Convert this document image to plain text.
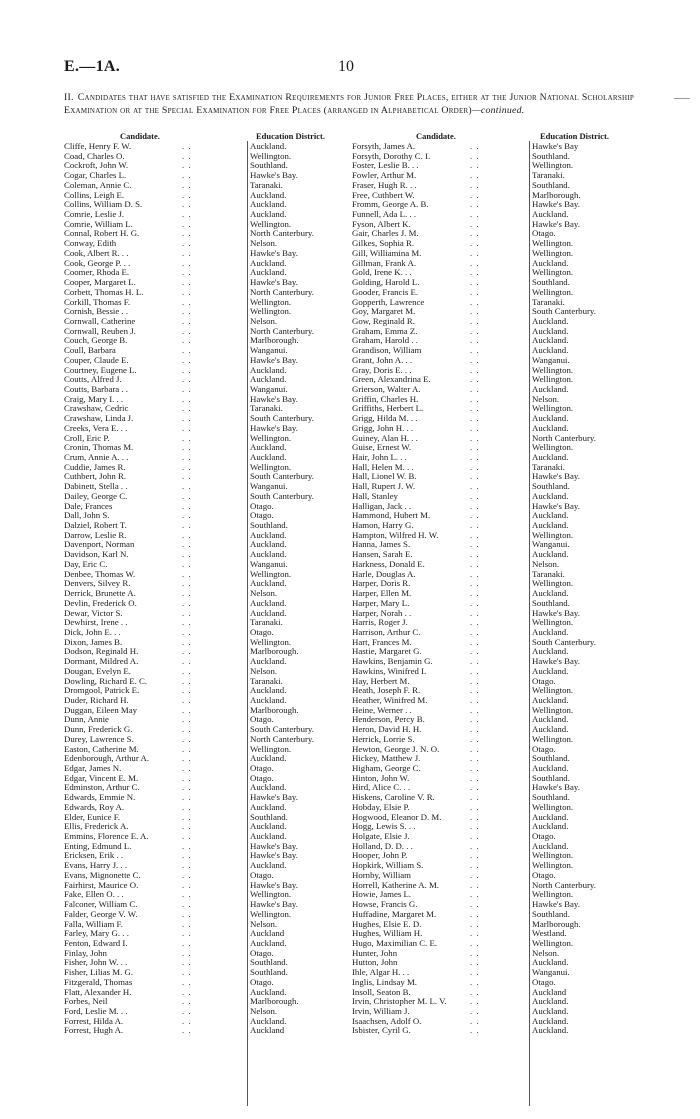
E.—1A.	10
II. Candidates that have satisfied the Examination Requirements for Junior Free Places, either at the Junior National Scholarship Examination or at the Special Examination for Free Places (arranged in Alphabetical Order)—continued.
Candidate.	Education District.
Cliffe, Henry F. W.	. .	Auckland.
Coad, Charles O.	. .	Wellington.
Cockroft, John W.	. .	Southland.
Cogar, Charles L.	. .	Hawke's Bay.
Coleman, Annie C.	. .	Taranaki.
Collins, Leigh E.	. .	Auckland.
Collins, William D. S.	. .	Auckland.
Comrie, Leslie J.	. .	Auckland.
Comrie, William L.	. .	Wellington.
Connal, Robert H. G.	. .	North Canterbury.
Conway, Edith	. .	Nelson.
Cook, Albert R. . .	. .	Hawke's Bay.
Cook, George P. . .	. .	Auckland.
Coomer, Rhoda E.	. .	Auckland.
Cooper, Margaret L.	. .	Hawke's Bay.
Corbett, Thomas H. L.	. .	North Canterbury.
Corkill, Thomas F.	. .	Wellington.
Cornish, Bessie . .	. .	Wellington.
Cornwall, Catherine	. .	Nelson.
Cornwall, Reuben J.	. .	North Canterbury.
Couch, George B.	. .	Marlborough.
Coull, Barbara	. .	Wanganui.
Couper, Claude E.	. .	Hawke's Bay.
Courtney, Eugene L.	. .	Auckland.
Coutts, Alfred J.	. .	Auckland.
Coutts, Barbara . .	. .	Wanganui.
Craig, Mary I. . .	. .	Hawke's Bay.
Crawshaw, Cedric	. .	Taranaki.
Crawshaw, Linda J.	. .	South Canterbury.
Creeks, Vera E. . .	. .	Hawke's Bay.
Croll, Eric P.	. .	Wellington.
Cronin, Thomas M.	. .	Auckland.
Crum, Annie A. . .	. .	Auckland.
Cuddie, James R.	. .	Wellington.
Cuthbert, John R.	. .	South Canterbury.
Dabinett, Stella . .	. .	Wanganui.
Dailey, George C.	. .	South Canterbury.
Dale, Frances	. .	Otago.
Dall, John S.	. .	Otago.
Dalziel, Robert T.	. .	Southland.
Darrow, Leslie R.	. .	Auckland.
Davenport, Norman	. .	Auckland.
Davidson, Karl N.	. .	Auckland.
Day, Eric C.	. .	Wanganui.
Denbee, Thomas W.	. .	Wellington.
Denvers, Silvey R.	. .	Auckland.
Derrick, Brunette A.	. .	Nelson.
Devlin, Frederick O.	. .	Auckland.
Dewar, Victor S.	. .	Auckland.
Dewhirst, Irene . .	. .	Taranaki.
Dick, John E. . .	. .	Otago.
Dixon, James B.	. .	Wellington.
Dodson, Reginald H.	. .	Marlborough.
Dormant, Mildred A.	. .	Auckland.
Dougan, Evelyn E.	. .	Nelson.
Dowling, Richard E. C.	. .	Taranaki.
Dromgool, Patrick E.	. .	Auckland.
Duder, Richard H.	. .	Auckland.
Duggan, Eileen May	. .	Marlborough.
Dunn, Annie	. .	Otago.
Dunn, Frederick G.	. .	South Canterbury.
Durey, Lawrence S.	. .	North Canterbury.
Easton, Catherine M.	. .	Wellington.
Edenborough, Arthur A.	. .	Auckland.
Edgar, James N.	. .	Otago.
Edgar, Vincent E. M.	. .	Otago.
Edminston, Arthur C.	. .	Auckland.
Edwards, Emmie N.	. .	Hawke's Bay.
Edwards, Roy A.	. .	Auckland.
Elder, Eunice F.	. .	Southland.
Ellis, Frederick A.	. .	Auckland.
Emmins, Florence E. A.	. .	Auckland.
Enting, Edmund L.	. .	Hawke's Bay.
Ericksen, Erik . .	. .	Hawke's Bay.
Evans, Harry J. . .	. .	Auckland.
Evans, Mignonette C.	. .	Otago.
Fairhirst, Maurice O.	. .	Hawke's Bay.
Fake, Ellen O. . .	. .	Wellington.
Falconer, William C.	. .	Hawke's Bay.
Falder, George V. W.	. .	Wellington.
Falla, William F.	. .	Nelson.
Farley, Mary G. . .	. .	Auckland
Fenton, Edward I.	. .	Auckland.
Finlay, John	. .	Otago.
Fisher, John W. . .	. .	Southland.
Fisher, Lilias M. G.	. .	Southland.
Fitzgerald, Thomas	. .	Otago.
Flatt, Alexander H.	. .	Auckland.
Forbes, Neil	. .	Marlborough.
Ford, Leslie M. . .	. .	Nelson.
Forrest, Hilda A.	. .	Auckland.
Forrest, Hugh A.	. .	Auckland
Candidate.	Education District.
Forsyth, James A.	. .	Hawke's Bay
Forsyth, Dorothy C. I.	. .	Southland.
Foster, Leslie B. . .	. .	Wellington.
Fowler, Arthur M.	. .	Taranaki.
Fraser, Hugh R. . .	. .	Southland.
Free, Cuthbert W.	. .	Marlborough.
Fromm, George A. B.	. .	Hawke's Bay.
Funnell, Ada L. . .	. .	Auckland.
Fyson, Albert K.	. .	Hawke's Bay.
Gair, Charles J. M.	. .	Otago.
Gilkes, Sophia R.	. .	Wellington.
Gill, Williamina M.	. .	Wellington.
Gillman, Frank A.	. .	Auckland.
Gold, Irene K. . .	. .	Wellington.
Golding, Harold L.	. .	Southland.
Gooder, Francis E.	. .	Wellington.
Gopperth, Lawrence	. .	Taranaki.
Goy, Margaret M.	. .	South Canterbury.
Gow, Reginald R.	. .	Auckland.
Graham, Emma Z.	. .	Auckland.
Graham, Harold . .	. .	Auckland.
Grandison, William	. .	Auckland.
Grant, John A. . .	. .	Wanganui.
Gray, Doris E. . .	. .	Wellington.
Green, Alexandrina E.	. .	Wellington.
Grierson, Walter A.	. .	Auckland.
Griffin, Charles H.	. .	Nelson.
Griffiths, Herbert L.	. .	Wellington.
Grigg, Hilda M. . .	. .	Auckland.
Grigg, John H. . .	. .	Auckland.
Guiney, Alan H. . .	. .	North Canterbury.
Guise, Ernest W.	. .	Wellington.
Hair, John L. . .	. .	Auckland.
Hall, Helen M. . .	. .	Taranaki.
Hall, Lionel W. B.	. .	Hawke's Bay.
Hall, Rupert J. W.	. .	Southland.
Hall, Stanley	. .	Auckland.
Halligan, Jack . .	. .	Hawke's Bay.
Hammond, Hubert M.	. .	Auckland.
Hamon, Harry G.	. .	Auckland.
Hampton, Wilfred H. W.	. .	Wellington.
Hanna, James S.	. .	Wanganui.
Hansen, Sarah E.	. .	Auckland.
Harkness, Donald E.	. .	Nelson.
Harle, Douglas A.	. .	Taranaki.
Harper, Doris R.	. .	Wellington.
Harper, Ellen M.	. .	Auckland.
Harper, Mary L.	. .	Southland.
Harper, Norah . .	. .	Hawke's Bay.
Harris, Roger J.	. .	Wellington.
Harrison, Arthur C.	. .	Auckland.
Hart, Frances M.	. .	South Canterbury.
Hastie, Margaret G.	. .	Auckland.
Hawkins, Benjamin G.	. .	Hawke's Bay.
Hawkins, Winifred I.	. .	Auckland.
Hay, Herbert M.	. .	Otago.
Heath, Joseph F. R.	. .	Wellington.
Heather, Winifred M.	. .	Auckland.
Heine, Werner . .	. .	Wellington.
Henderson, Percy B.	. .	Auckland.
Heron, David H. H.	. .	Auckland.
Herrick, Lorrie S.	. .	Wellington.
Hewton, George J. N. O.	. .	Otago.
Hickey, Matthew J.	. .	Southland.
Higham, George C.	. .	Auckland.
Hinton, John W.	. .	Southland.
Hird, Alice C. . .	. .	Hawke's Bay.
Hiskens, Caroline V. R.	. .	Southland.
Hobday, Elsie P.	. .	Wellington.
Hogwood, Eleanor D. M.	. .	Auckland.
Hogg, Lewis S. . .	. .	Auckland.
Holgate, Elsie J.	. .	Otago.
Holland, D. D. . .	. .	Auckland.
Hooper, John P.	. .	Wellington.
Hopkirk, William S.	. .	Wellington.
Hornby, William	. .	Otago.
Horrell, Katherine A. M.	. .	North Canterbury.
Howie, James L.	. .	Wellington.
Howse, Francis G.	. .	Hawke's Bay.
Huffadine, Margaret M.	. .	Southland.
Hughes, Elsie E. D.	. .	Marlborough.
Hughes, William H.	. .	Westland.
Hugo, Maximilian C. E.	. .	Wellington.
Hunter, John	. .	Nelson.
Hutton, John	. .	Auckland.
Ihle, Algar H. . .	. .	Wanganui.
Inglis, Lindsay M.	. .	Otago.
Insoll, Seaton B.	. .	Auckland
Irvin, Christopher M. L. V.	. .	Auckland.
Irvin, William J.	. .	Auckland.
Isaachsen, Adolf O.	. .	Auckland.
Isbister, Cyril G.	. .	Auckland.
